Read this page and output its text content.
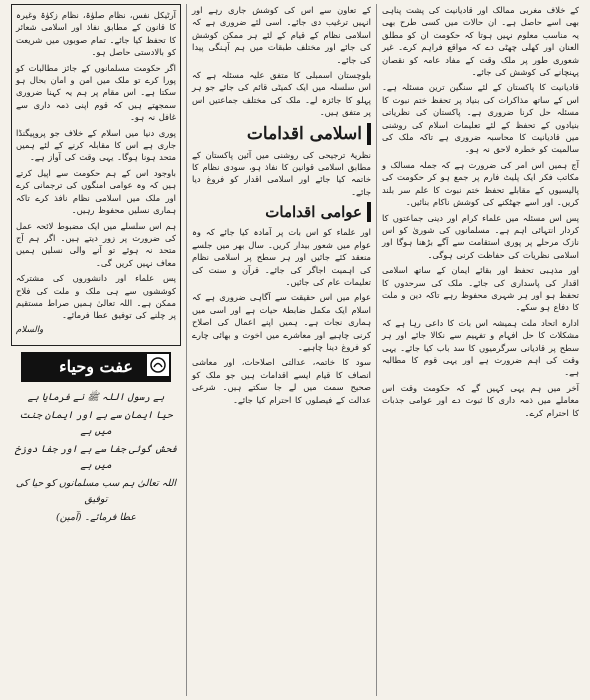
کے خلاف مغربی ممالک اور قادیانیت کی پشت پناہی بھی اسے حاصل ہے۔ ان حالات میں کسی طرح بھی یہ مناسب معلوم نہیں ہوتا کہ حکومت ان کو مطلق العنان اور کھلی چھٹی دے کہ مواقع فراہم کرے۔ غیر شعوری طور پر ملک وقت کے مفاد عامہ کو نقصان پہنچانے کی کوشش کی جائے۔

قادیانیت کا پاکستان کے لئے سنگین ترین مسئلہ ہے۔ اس کے ساتھ مذاکرات کی بنیاد پر تحفظ ختم نبوت کا مسئلہ حل کرنا ضروری ہے۔ پاکستان کی نظریاتی بنیادوں کے تحفظ کے لئے تعلیمات اسلام کی روشنی میں قادیانیت کا محاسبہ ضروری ہے تاکہ ملک کی سالمیت کو خطرہ لاحق نہ ہو۔

آج ہمیں اس امر کی ضرورت ہے کہ جملہ مسالک و مکاتب فکر ایک پلیٹ فارم پر جمع ہو کر حکومت کی پالیسیوں کے مقابلے تحفظ ختم نبوت کا علم سر بلند کریں۔ اور اسے جھٹکنے کی کوشش ناکام بنائیں۔

پس اس مسئلہ میں علماء کرام اور دینی جماعتوں کا کردار انتہائی اہم ہے۔ مسلمانوں کی شوریٰ کو اس نازک مرحلے پر پوری استقامت سے آگے بڑھنا ہوگا اور اسلامی نظریات کی حفاظت کرنی ہوگی۔

اور مذہبی تحفظ اور بقائے ایمان کے ساتھ اسلامی اقدار کی پاسداری کی جائے۔ ملک کی سرحدوں کا تحفظ ہو اور ہر شہری محفوظ رہے تاکہ دین و ملت کا دفاع ہو سکے۔

ادارہ اتحاد ملت ہمیشہ اس بات کا داعی رہا ہے کہ مشکلات کا حل افہام و تفہیم سے نکالا جائے اور ہر سطح پر قادیانی سرگرمیوں کا سد باب کیا جائے۔ یہی وقت کی اہم ضرورت ہے اور یہی قوم کا مطالبہ ہے۔

آخر میں ہم یہی کہیں گے کہ حکومت وقت اس معاملے میں ذمہ داری کا ثبوت دے اور عوامی جذبات کا احترام کرے۔

کے تعاون سے اس کی کوشش جاری رہے اور انہیں ترغیب دی جائے۔ اسی لئے ضروری ہے کہ اسلامی نظام کے قیام کے لئے ہر ممکن کوشش کی جائے اور مختلف طبقات میں ہم آہنگی پیدا کی جائے۔

بلوچستان اسمبلی کا متفق علیہ مسئلہ ہے کہ اس سلسلہ میں ایک کمیٹی قائم کی جائے جو ہر پہلو کا جائزہ لے۔ ملک کی مختلف جماعتیں اس پر متفق ہیں۔

اسلامی اقدامات

نظریۂ ترجیحی کی روشنی میں آئین پاکستان کے مطابق اسلامی قوانین کا نفاذ ہو، سودی نظام کا خاتمہ کیا جائے اور اسلامی اقدار کو فروغ دیا جائے۔

عوامی اقدامات

اور علماء کو اس بات پر آمادہ کیا جائے کہ وہ عوام میں شعور بیدار کریں۔ سال بھر میں جلسے منعقد کئے جائیں اور ہر سطح پر اسلامی نظام کی اہمیت اجاگر کی جائے۔ قرآن و سنت کی تعلیمات عام کی جائیں۔

عوام میں اس حقیقت سے آگاہی ضروری ہے کہ اسلام ایک مکمل ضابطۂ حیات ہے اور اسی میں ہماری نجات ہے۔ ہمیں اپنے اعمال کی اصلاح کرنی چاہیے اور معاشرے میں اخوت و بھائی چارے کو فروغ دینا چاہیے۔

سود کا خاتمہ، عدالتی اصلاحات، اور معاشی انصاف کا قیام ایسے اقدامات ہیں جو ملک کو صحیح سمت میں لے جا سکتے ہیں۔ شرعی عدالت کے فیصلوں کا احترام کیا جائے۔

آرٹیکل نفس، نظام صلوٰۃ، نظام زکوٰۃ وغیرہ کا قانون کے مطابق نفاذ اور اسلامی شعائر کا تحفظ کیا جائے۔ تمام صوبوں میں شریعت کو بالادستی حاصل ہو۔

اگر حکومت مسلمانوں کے جائز مطالبات کو پورا کرے تو ملک میں امن و امان بحال ہو سکتا ہے۔ اس مقام پر ہم یہ کہنا ضروری سمجھتے ہیں کہ قوم اپنی ذمہ داری سے غافل نہ ہو۔

پوری دنیا میں اسلام کے خلاف جو پروپیگنڈا جاری ہے اس کا مقابلہ کرنے کے لئے ہمیں متحد ہونا ہوگا۔ یہی وقت کی آواز ہے۔

باوجود اس کے ہم حکومت سے اپیل کرتے ہیں کہ وہ عوامی امنگوں کی ترجمانی کرے اور ملک میں اسلامی نظام نافذ کرے تاکہ ہماری نسلیں محفوظ رہیں۔

ہم اس سلسلے میں ایک مضبوط لائحہ عمل کی ضرورت پر زور دیتے ہیں۔ اگر ہم آج متحد نہ ہوئے تو آنے والی نسلیں ہمیں معاف نہیں کریں گی۔

پس علماء اور دانشوروں کی مشترکہ کوششوں سے ہی ملک و ملت کی فلاح ممکن ہے۔ اللہ تعالیٰ ہمیں صراط مستقیم پر چلنے کی توفیق عطا فرمائے۔

والسلام
عفت وحیاء
ہے رسول اللہ ﷺ نے فرمایا ہے
حیا ایمان سے ہے اور ایمان جنت میں ہے
فحش گوئی جفا سے ہے اور جفا دوزخ میں ہے
اللہ تعالیٰ ہم سب مسلمانوں کو حیا کی توفیق
عطا فرمائے۔ (آمین)
